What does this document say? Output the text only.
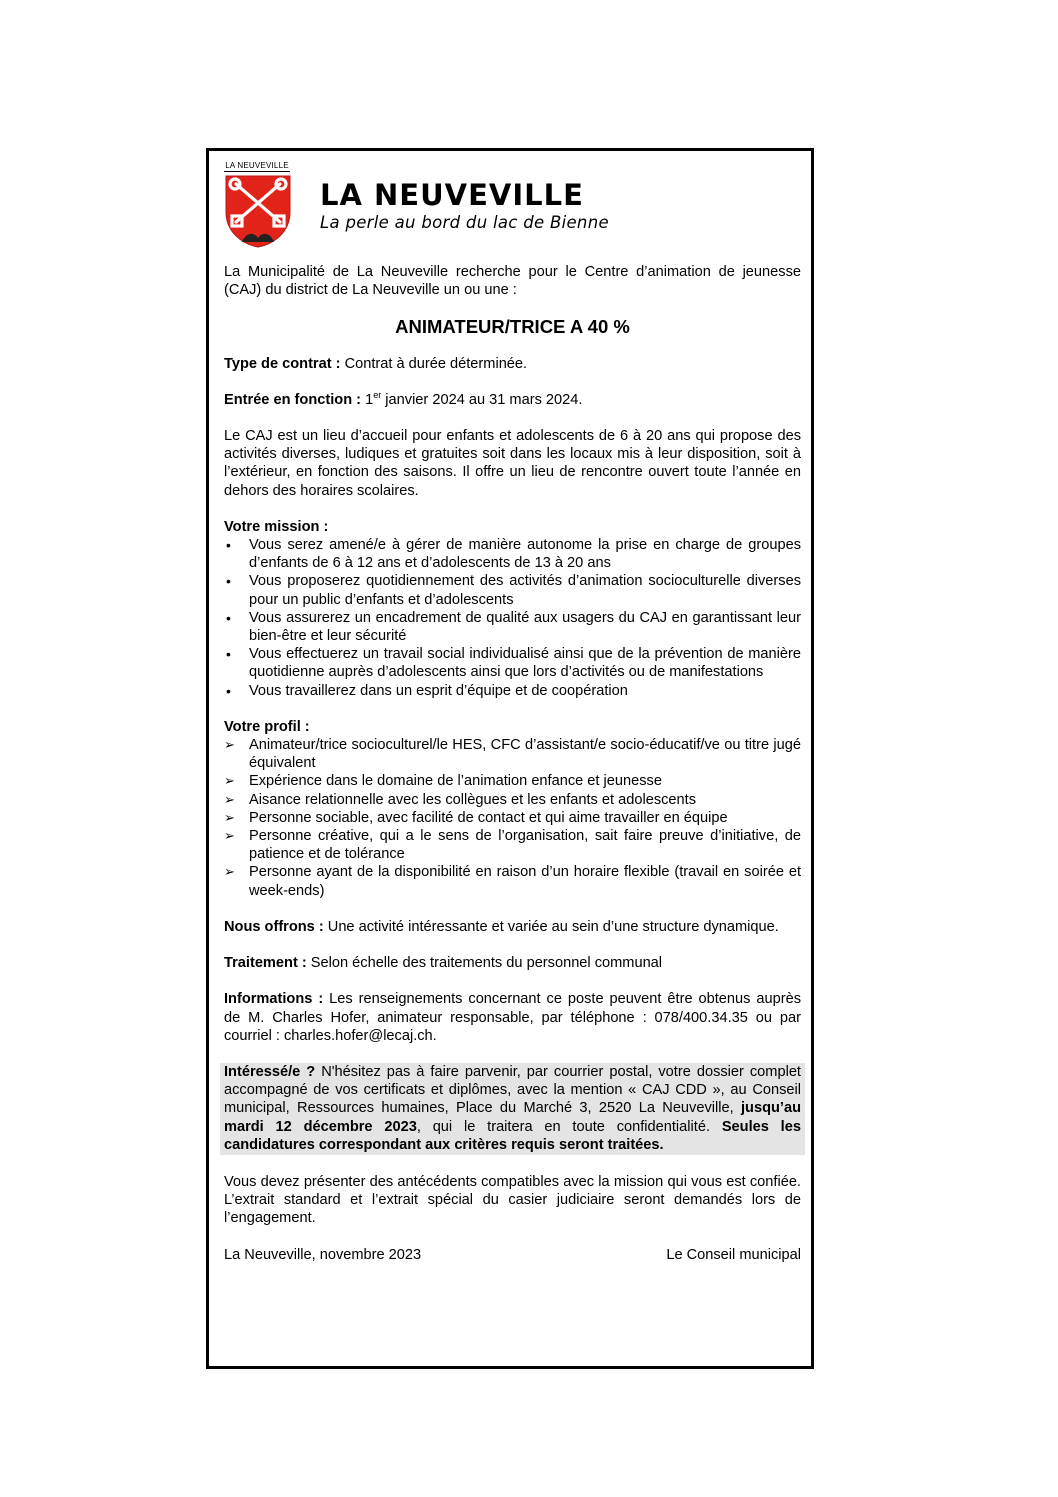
LA NEUVEVILLE
LA NEUVEVILLE
La perle au bord du lac de Bienne

La Municipalité de La Neuveville recherche pour le Centre d’animation de jeunesse (CAJ) du district de La Neuveville un ou une :

ANIMATEUR/TRICE A 40 %

Type de contrat : Contrat à durée déterminée.

Entrée en fonction : 1er janvier 2024 au 31 mars 2024.

Le CAJ est un lieu d’accueil pour enfants et adolescents de 6 à 20 ans qui propose des activités diverses, ludiques et gratuites soit dans les locaux mis à leur disposition, soit à l’extérieur, en fonction des saisons. Il offre un lieu de rencontre ouvert toute l’année en dehors des horaires scolaires.

Votre mission :
•	Vous serez amené/e à gérer de manière autonome la prise en charge de groupes d’enfants de 6 à 12 ans et d’adolescents de 13 à 20 ans
•	Vous proposerez quotidiennement des activités d’animation socioculturelle diverses pour un public d’enfants et d’adolescents
•	Vous assurerez un encadrement de qualité aux usagers du CAJ en garantissant leur bien-être et leur sécurité
•	Vous effectuerez un travail social individualisé ainsi que de la prévention de manière quotidienne auprès d’adolescents ainsi que lors d’activités ou de manifestations
•	Vous travaillerez dans un esprit d’équipe et de coopération
Votre profil :
➢ Animateur/trice socioculturel/le HES, CFC d’assistant/e socio-éducatif/ve ou titre jugé équivalent
➢ Expérience dans le domaine de l’animation enfance et jeunesse
➢ Aisance relationnelle avec les collègues et les enfants et adolescents
➢ Personne sociable, avec facilité de contact et qui aime travailler en équipe
➢ Personne créative, qui a le sens de l’organisation, sait faire preuve d’initiative, de patience et de tolérance
➢ Personne ayant de la disponibilité en raison d’un horaire flexible (travail en soirée et week-ends)

Nous offrons : Une activité intéressante et variée au sein d’une structure dynamique.

Traitement : Selon échelle des traitements du personnel communal

Informations : Les renseignements concernant ce poste peuvent être obtenus auprès de M. Charles Hofer, animateur responsable, par téléphone : 078/400.34.35 ou par courriel : charles.hofer@lecaj.ch.

Intéressé/e ? N'hésitez pas à faire parvenir, par courrier postal, votre dossier complet accompagné de vos certificats et diplômes, avec la mention « CAJ CDD », au Conseil municipal, Ressources humaines, Place du Marché 3, 2520 La Neuveville, jusqu’au mardi 12 décembre 2023, qui le traitera en toute confidentialité. Seules les candidatures correspondant aux critères requis seront traitées.

Vous devez présenter des antécédents compatibles avec la mission qui vous est confiée. L’extrait standard et l’extrait spécial du casier judiciaire seront demandés lors de l’engagement.

La Neuveville, novembre 2023	Le Conseil municipal
